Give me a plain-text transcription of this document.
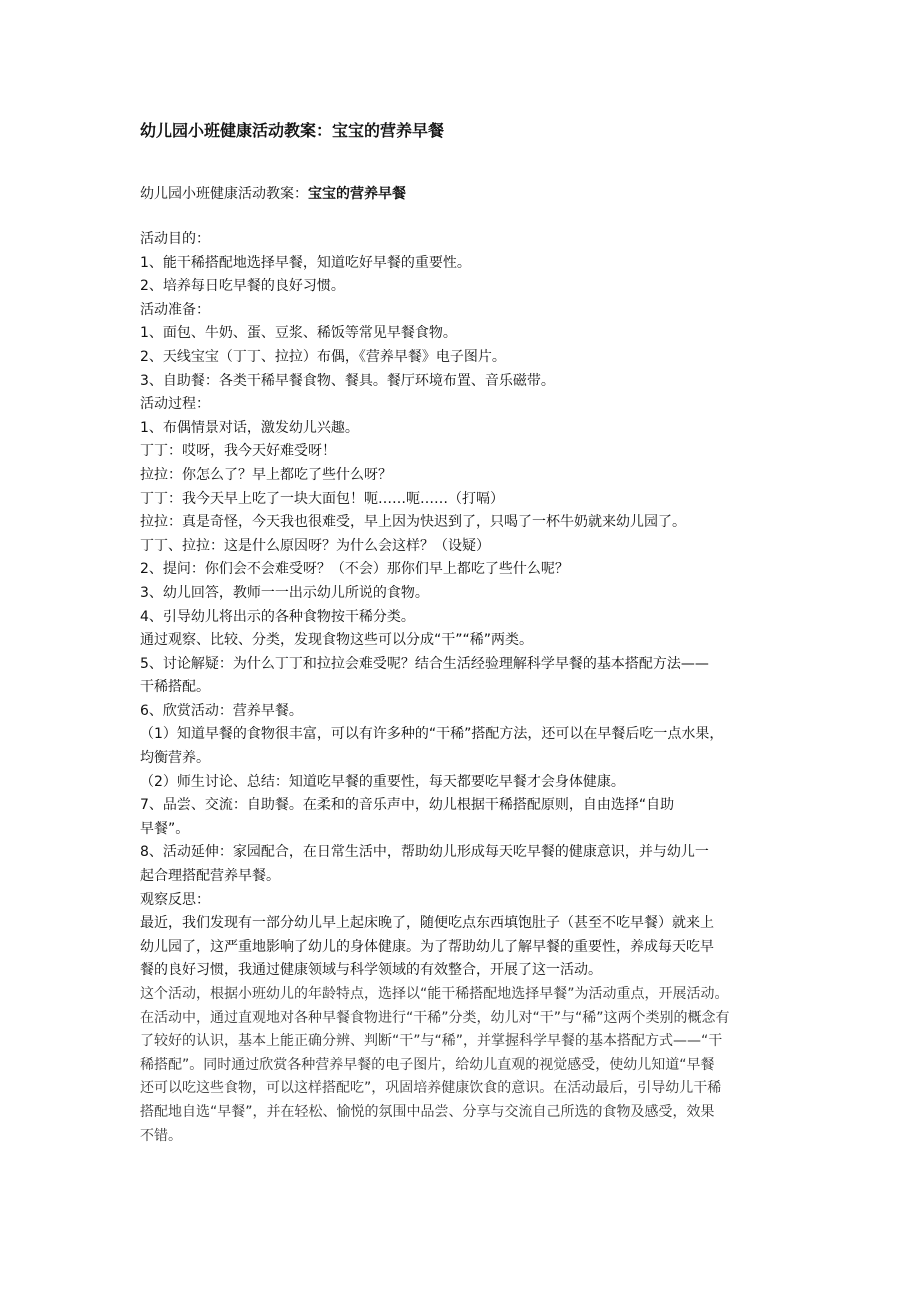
幼儿园小班健康活动教案：宝宝的营养早餐
幼儿园小班健康活动教案：宝宝的营养早餐
活动目的：
1、能干稀搭配地选择早餐，知道吃好早餐的重要性。
2、培养每日吃早餐的良好习惯。
活动准备：
1、面包、牛奶、蛋、豆浆、稀饭等常见早餐食物。
2、天线宝宝（丁丁、拉拉）布偶，《营养早餐》电子图片。
3、自助餐：各类干稀早餐食物、餐具。餐厅环境布置、音乐磁带。
活动过程：
1、布偶情景对话，激发幼儿兴趣。
丁丁：哎呀，我今天好难受呀！
拉拉：你怎么了？早上都吃了些什么呀？
丁丁：我今天早上吃了一块大面包！呃……呃……（打嗝）
拉拉：真是奇怪，今天我也很难受，早上因为快迟到了，只喝了一杯牛奶就来幼儿园了。
丁丁、拉拉：这是什么原因呀？为什么会这样？（设疑）
2、提问：你们会不会难受呀？（不会）那你们早上都吃了些什么呢？
3、幼儿回答，教师一一出示幼儿所说的食物。
4、引导幼儿将出示的各种食物按干稀分类。
通过观察、比较、分类，发现食物这些可以分成“干”“稀”两类。
5、讨论解疑：为什么丁丁和拉拉会难受呢？结合生活经验理解科学早餐的基本搭配方法——
干稀搭配。
6、欣赏活动：营养早餐。
（1）知道早餐的食物很丰富，可以有许多种的“干稀”搭配方法，还可以在早餐后吃一点水果，
均衡营养。
（2）师生讨论、总结：知道吃早餐的重要性，每天都要吃早餐才会身体健康。
7、品尝、交流：自助餐。在柔和的音乐声中，幼儿根据干稀搭配原则，自由选择“自助
早餐”。
8、活动延伸：家园配合，在日常生活中，帮助幼儿形成每天吃早餐的健康意识，并与幼儿一
起合理搭配营养早餐。
观察反思：
最近，我们发现有一部分幼儿早上起床晚了，随便吃点东西填饱肚子（甚至不吃早餐）就来上
幼儿园了，这严重地影响了幼儿的身体健康。为了帮助幼儿了解早餐的重要性，养成每天吃早
餐的良好习惯，我通过健康领域与科学领域的有效整合，开展了这一活动。
这个活动，根据小班幼儿的年龄特点，选择以“能干稀搭配地选择早餐”为活动重点，开展活动。
在活动中，通过直观地对各种早餐食物进行“干稀”分类，幼儿对“干”与“稀”这两个类别的概念有
了较好的认识，基本上能正确分辨、判断“干”与“稀”，并掌握科学早餐的基本搭配方式——“干
稀搭配”。同时通过欣赏各种营养早餐的电子图片，给幼儿直观的视觉感受，使幼儿知道“早餐
还可以吃这些食物，可以这样搭配吃”，巩固培养健康饮食的意识。在活动最后，引导幼儿干稀
搭配地自选“早餐”，并在轻松、愉悦的氛围中品尝、分享与交流自己所选的食物及感受，效果
不错。
